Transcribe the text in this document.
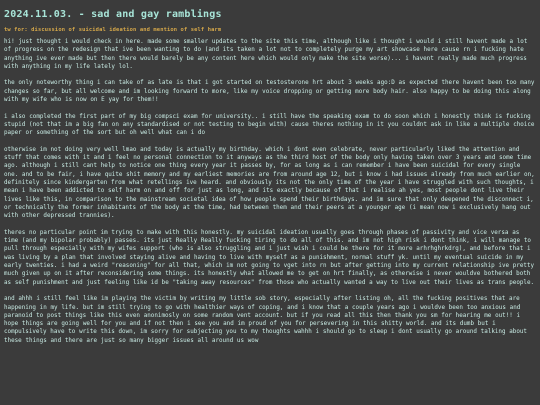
2024.11.03. - sad and gay ramblings
tw for: discussion of suicidal ideation and mention of self harm
hi! just thought i would check in here. made some smaller updates to the site this time, although like i thought i would i still havent made a lot of progress on the redesign that ive been wanting to do (and its taken a lot not to completely purge my art showcase here cause rn i fucking hate anything ive ever made but then there would barely be any content here which would only make the site worse)... i havent really made much progress with anything in my life lately lol.
the only noteworthy thing i can take of as late is that i got started on testosterone hrt about 3 weeks ago:D as expected there havent been too many changes so far, but all welcome and im looking forward to more, like my voice dropping or getting more body hair. also happy to be doing this along with my wife who is now on E yay for them!!
i also completed the first part of my big compsci exam for university.. i still have the speaking exam to do soon which i honestly think is fucking stupid (not that im a big fan on any standardised or not testing to begin with) cause theres nothing in it you couldnt ask in like a multiple choice paper or something of the sort but oh well what can i do
otherwise im not doing very well lmao and today is actually my birthday. which i dont even celebrate, never particularly liked the attention and stuff that comes with it and i feel no personal connection to it anyways as the third host of the body only having taken over 3 years and some time ago. although i still cant help to notice one thing every year it passes by, for as long as i can remember i have been suicidal for every single one. and to be fair, i have quite shit memory and my earliest memories are from around age 12, but i know i had issues already from much earlier on, definitely since kindergarten from what retellings ive heard. and obviously its not the only time of the year i have struggled with such thoughts, i mean i have been addicted to self harm on and off for just as long, and its exactly because of that i realise ah yes, most people dont live their lives like this, in comparison to the mainstream societal idea of how people spend their birthdays. and im sure that only deepened the disconnect i, or technically the former inhabitants of the body at the time, had between them and their peers at a younger age (i mean now i exclusively hang out with other depressed trannies).
theres no particular point im trying to make with this honestly. my suicidal ideation usually goes through phases of passivity and vice versa as time (and my bipolar probably) passes. its just Really Really fucking tiring to do all of this. and im not high risk i dont think, i will manage to pull through especially with my wifes support (who is also struggling and i just wish i could be there for it more arhrhghrkdrg), and before that i was living by a plan that involved staying alive and having to live with myself as a punishment, normal stuff yk. until my eventual suicide in my early twenties. i had a weird "reasoning" for all that, which im not going to vget into rn but after getting into my current relationship ive pretty much given up on it after reconsidering some things. its honestly what allowed me to get on hrt finally, as otherwise i never wouldve bothered both as self punishment and just feeling like id be "taking away resources" from those who actually wanted a way to live out their lives as trans people.
and ahhh i still feel like im playing the victim by writing my little sob story, especially after listing oh, all the fucking positives that are happening in my life. but im still trying to go with healthier ways of coping, and i know that a couple years ago i wouldve been too anxious and paranoid to post things like this even anonimosly on some random vent account. but if you read all this then thank you sm for hearing me out!! i hope things are going well for you and if not then i see you and im proud of you for persevering in this shitty world. and its dumb but i compulsively have to write this down, im sorry for subjecting you to my thoughts wahhh i should go to sleep i dont usually go around talking about these things and there are just so many bigger issues all around us wow
